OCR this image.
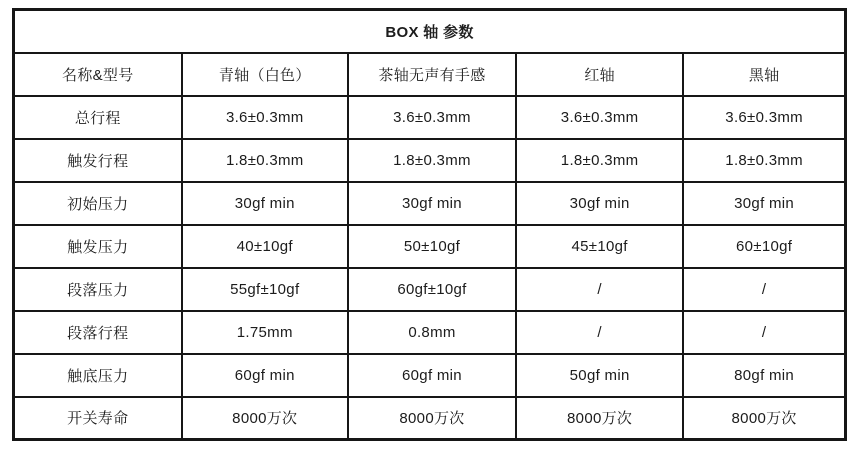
BOX 轴 参数				
名称&型号	青轴（白色）	茶轴无声有手感	红轴	黑轴
总行程	3.6±0.3mm	3.6±0.3mm	3.6±0.3mm	3.6±0.3mm
触发行程	1.8±0.3mm	1.8±0.3mm	1.8±0.3mm	1.8±0.3mm
初始压力	30gf min	30gf min	30gf min	30gf min
触发压力	40±10gf	50±10gf	45±10gf	60±10gf
段落压力	55gf±10gf	60gf±10gf	/	/
段落行程	1.75mm	0.8mm	/	/
触底压力	60gf min	60gf min	50gf min	80gf min
开关寿命	8000万次	8000万次	8000万次	8000万次
